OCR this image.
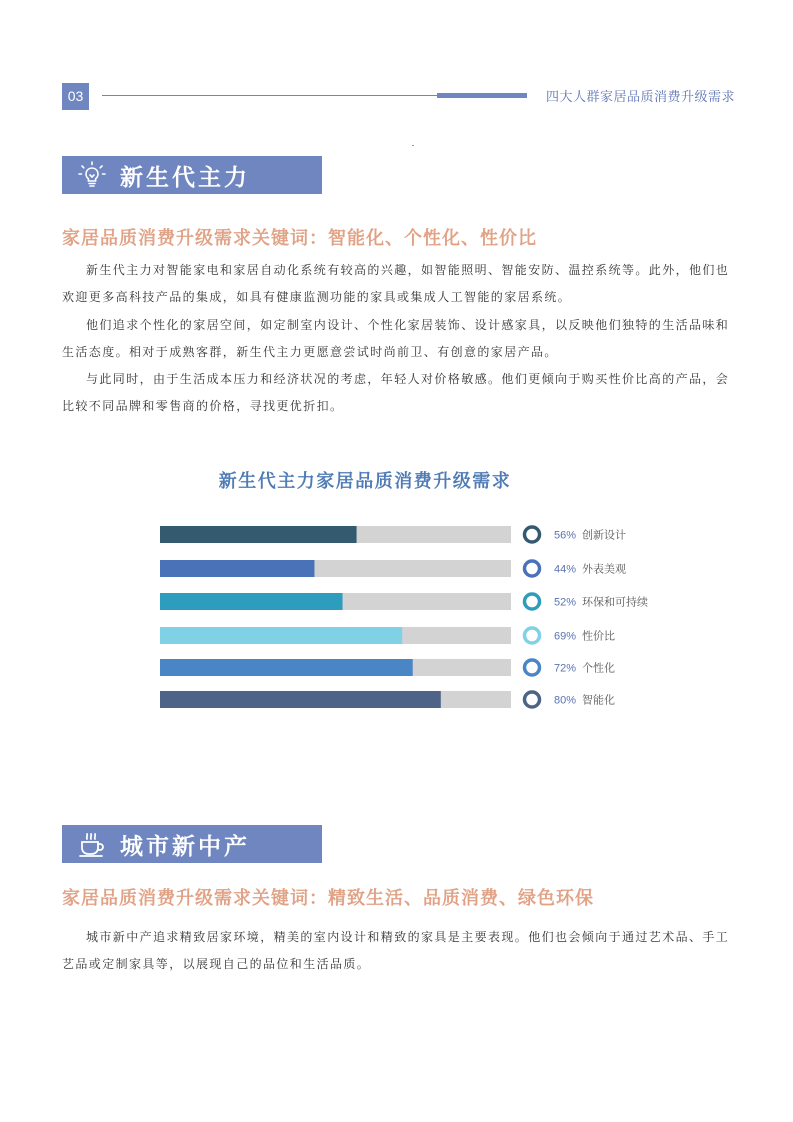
03	四大人群家居品质消费升级需求
新生代主力
家居品质消费升级需求关键词：智能化、个性化、性价比

新生代主力对智能家电和家居自动化系统有较高的兴趣，如智能照明、智能安防、温控系统等。此外，他们也欢迎更多高科技产品的集成，如具有健康监测功能的家具或集成人工智能的家居系统。

他们追求个性化的家居空间，如定制室内设计、个性化家居装饰、设计感家具，以反映他们独特的生活品味和生活态度。相对于成熟客群，新生代主力更愿意尝试时尚前卫、有创意的家居产品。

与此同时，由于生活成本压力和经济状况的考虑，年轻人对价格敏感。他们更倾向于购买性价比高的产品，会比较不同品牌和零售商的价格，寻找更优折扣。

新生代主力家居品质消费升级需求
56% 创新设计
44% 外表美观
52% 环保和可持续
69% 性价比
72% 个性化
80% 智能化
城市新中产
家居品质消费升级需求关键词：精致生活、品质消费、绿色环保

城市新中产追求精致居家环境，精美的室内设计和精致的家具是主要表现。他们也会倾向于通过艺术品、手工艺品或定制家具等，以展现自己的品位和生活品质。
